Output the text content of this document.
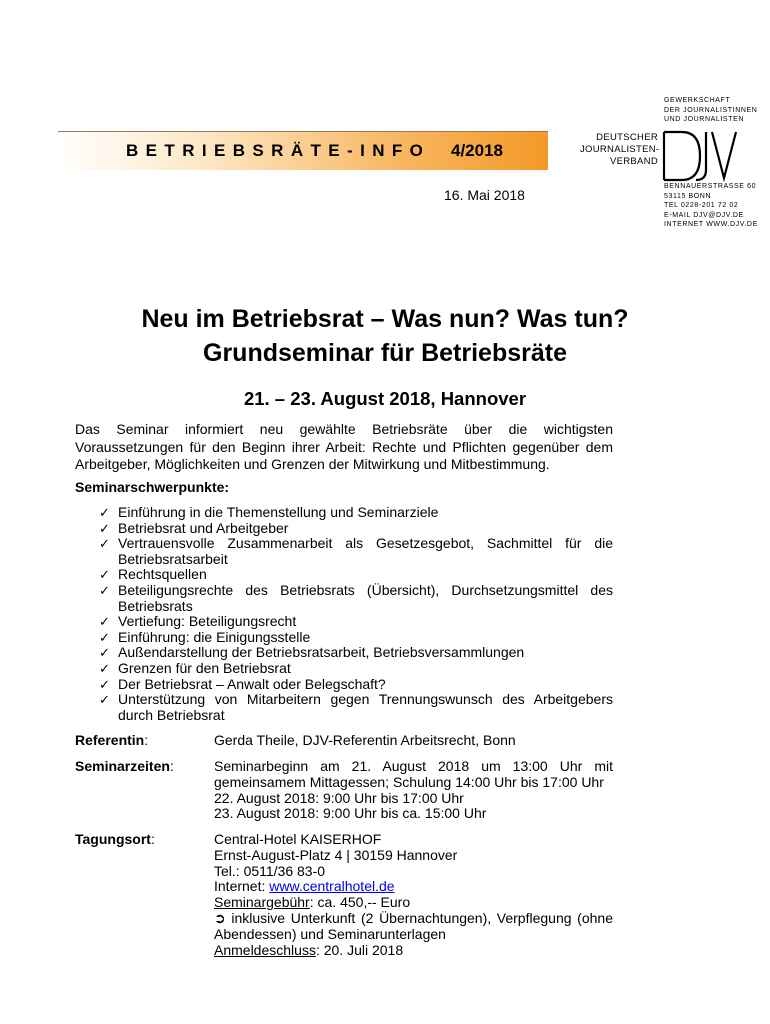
BETRIEBSRÄTE-INFO 4/2018
16. Mai 2018
GEWERKSCHAFT
DER JOURNALISTINNEN
UND JOURNALISTEN
DEUTSCHER
JOURNALISTEN-
VERBAND
BENNAUERSTRASSE 60
53115 BONN
TEL 0228-201 72 02
E-MAIL DJV@DJV.DE
INTERNET WWW.DJV.DE
Neu im Betriebsrat – Was nun? Was tun?
Grundseminar für Betriebsräte
21. – 23. August 2018, Hannover
Das Seminar informiert neu gewählte Betriebsräte über die wichtigsten Voraussetzungen für den Beginn ihrer Arbeit: Rechte und Pflichten gegenüber dem Arbeitgeber, Möglichkeiten und Grenzen der Mitwirkung und Mitbestimmung.
Seminarschwerpunkte:
✓ Einführung in die Themenstellung und Seminarziele
✓ Betriebsrat und Arbeitgeber
✓ Vertrauensvolle Zusammenarbeit als Gesetzesgebot, Sachmittel für die Betriebsratsarbeit
✓ Rechtsquellen
✓ Beteiligungsrechte des Betriebsrats (Übersicht), Durchsetzungsmittel des Betriebsrats
✓ Vertiefung: Beteiligungsrecht
✓ Einführung: die Einigungsstelle
✓ Außendarstellung der Betriebsratsarbeit, Betriebsversammlungen
✓ Grenzen für den Betriebsrat
✓ Der Betriebsrat – Anwalt oder Belegschaft?
✓ Unterstützung von Mitarbeitern gegen Trennungswunsch des Arbeitgebers durch Betriebsrat
Referentin:	Gerda Theile, DJV-Referentin Arbeitsrecht, Bonn
Seminarzeiten:	Seminarbeginn am 21. August 2018 um 13:00 Uhr mit gemeinsamem Mittagessen; Schulung 14:00 Uhr bis 17:00 Uhr
22. August 2018: 9:00 Uhr bis 17:00 Uhr
23. August 2018: 9:00 Uhr bis ca. 15:00 Uhr
Tagungsort:	Central-Hotel KAISERHOF
Ernst-August-Platz 4 | 30159 Hannover
Tel.: 0511/36 83-0
Internet: www.centralhotel.de
Seminargebühr: ca. 450,-- Euro
➲ inklusive Unterkunft (2 Übernachtungen), Verpflegung (ohne Abendessen) und Seminarunterlagen
Anmeldeschluss: 20. Juli 2018
